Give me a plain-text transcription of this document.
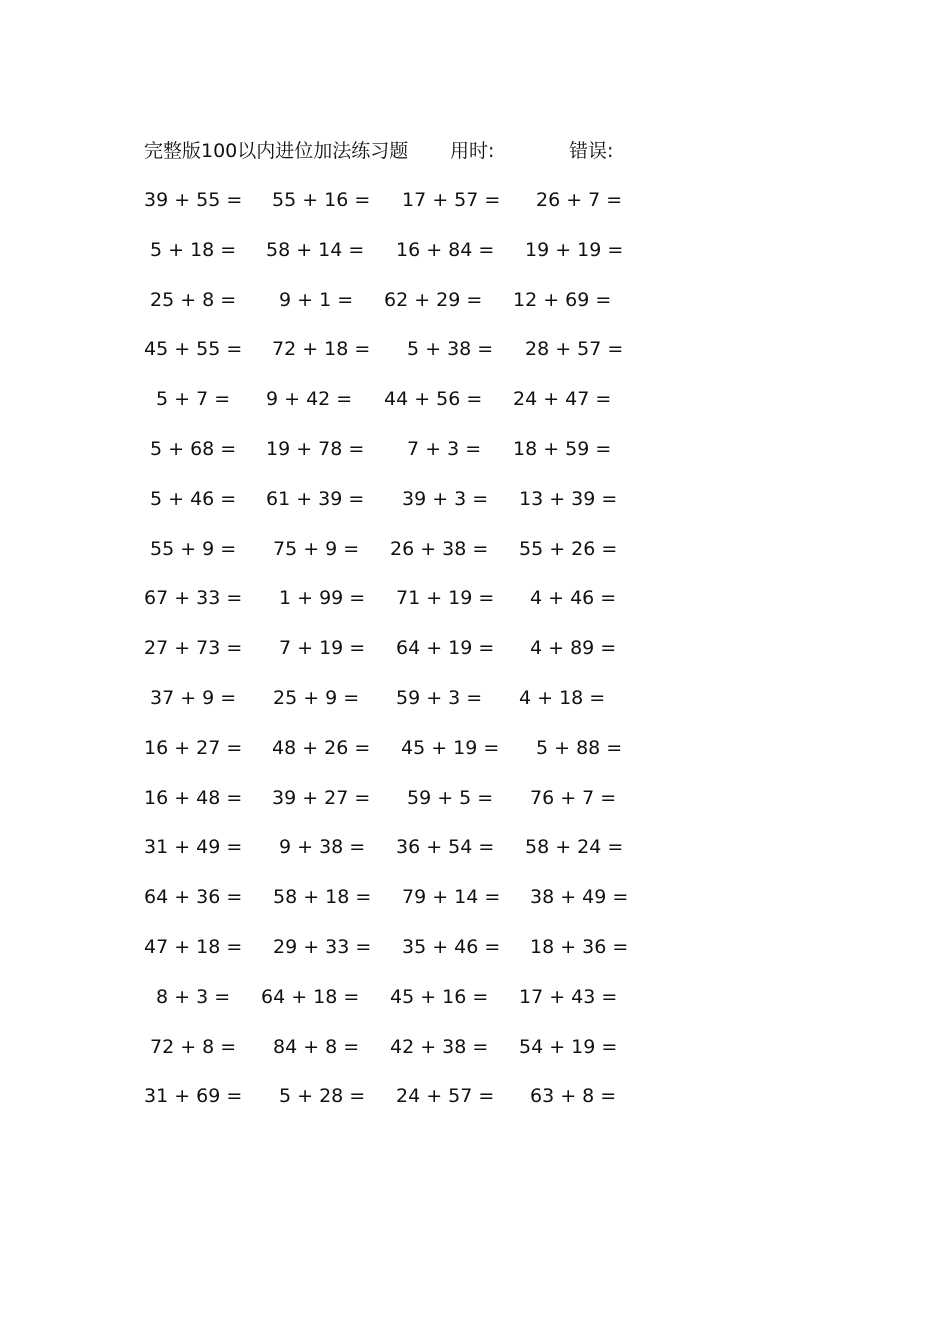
完整版100以内进位加法练习题 用时:	错误:
39 + 55 = 55 + 16 = 17 + 57 = 26 + 7 =
5 + 18 = 58 + 14 = 16 + 84 = 19 + 19 =
25 + 8 = 9 + 1 = 62 + 29 = 12 + 69 =
45 + 55 = 72 + 18 = 5 + 38 = 28 + 57 =
5 + 7 = 9 + 42 = 44 + 56 = 24 + 47 =
5 + 68 = 19 + 78 = 7 + 3 = 18 + 59 =
5 + 46 = 61 + 39 = 39 + 3 = 13 + 39 =
55 + 9 = 75 + 9 = 26 + 38 = 55 + 26 =
67 + 33 = 1 + 99 = 71 + 19 = 4 + 46 =
27 + 73 = 7 + 19 = 64 + 19 = 4 + 89 =
37 + 9 = 25 + 9 = 59 + 3 = 4 + 18 =
16 + 27 = 48 + 26 = 45 + 19 = 5 + 88 =
16 + 48 = 39 + 27 = 59 + 5 = 76 + 7 =
31 + 49 = 9 + 38 = 36 + 54 = 58 + 24 =
64 + 36 = 58 + 18 = 79 + 14 = 38 + 49 =
47 + 18 = 29 + 33 = 35 + 46 = 18 + 36 =
8 + 3 = 64 + 18 = 45 + 16 = 17 + 43 =
72 + 8 = 84 + 8 = 42 + 38 = 54 + 19 =
31 + 69 = 5 + 28 = 24 + 57 = 63 + 8 =
